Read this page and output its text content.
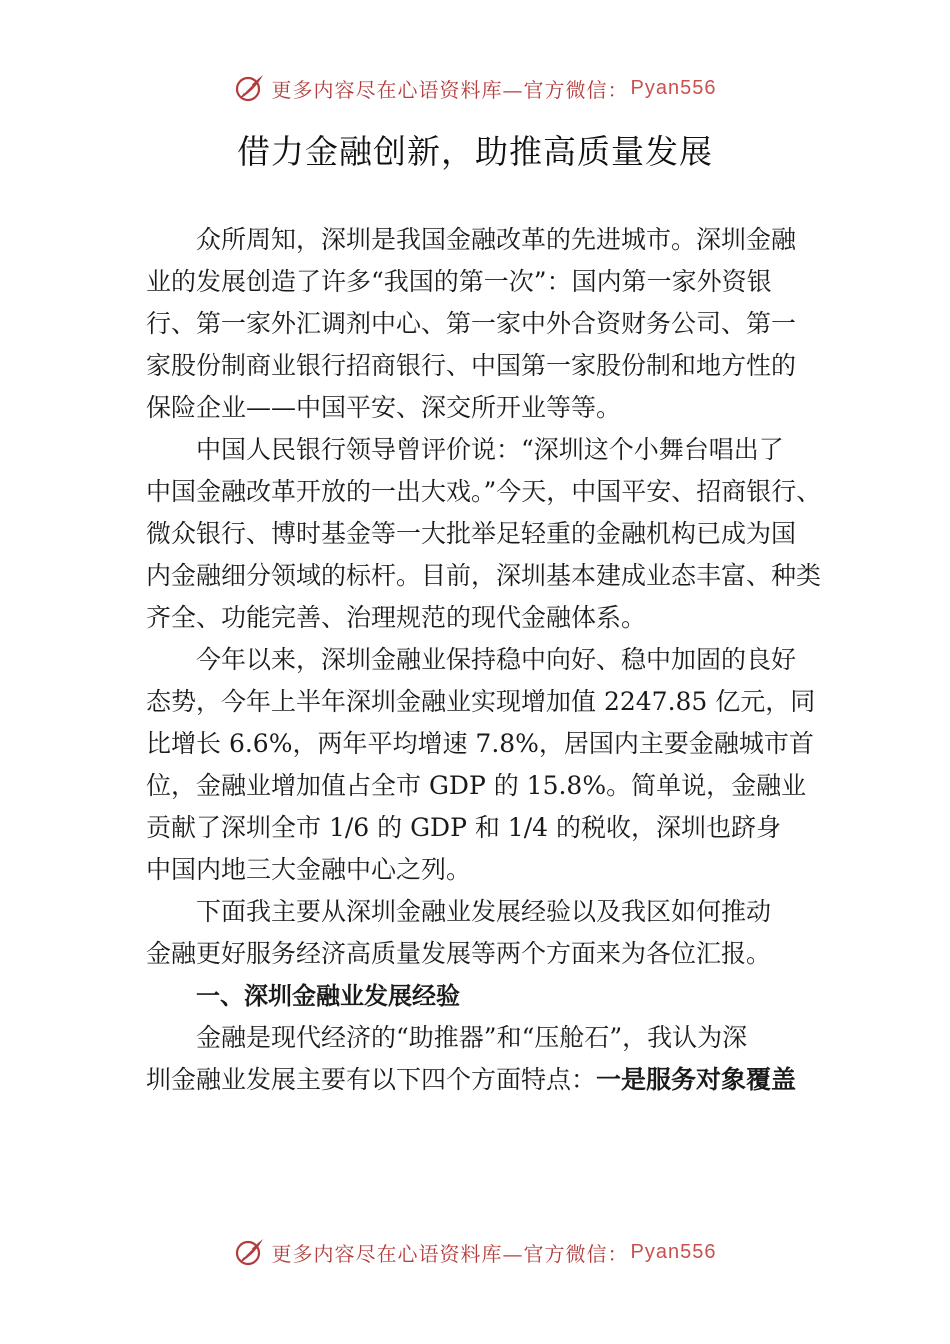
更多内容尽在心语资料库—官方微信： Pyan556
借力金融创新，助推高质量发展
众所周知，深圳是我国金融改革的先进城市。深圳金融
业的发展创造了许多“我国的第一次”：国内第一家外资银
行、第一家外汇调剂中心、第一家中外合资财务公司、第一
家股份制商业银行招商银行、中国第一家股份制和地方性的
保险企业——中国平安、深交所开业等等。
中国人民银行领导曾评价说：“深圳这个小舞台唱出了
中国金融改革开放的一出大戏。”今天，中国平安、招商银行、
微众银行、博时基金等一大批举足轻重的金融机构已成为国
内金融细分领域的标杆。目前，深圳基本建成业态丰富、种类
齐全、功能完善、治理规范的现代金融体系。
今年以来，深圳金融业保持稳中向好、稳中加固的良好
态势，今年上半年深圳金融业实现增加值 2247.85 亿元，同
比增长 6.6%，两年平均增速 7.8%，居国内主要金融城市首
位，金融业增加值占全市 GDP 的 15.8%。简单说，金融业
贡献了深圳全市 1/6 的 GDP 和 1/4 的税收，深圳也跻身
中国内地三大金融中心之列。
下面我主要从深圳金融业发展经验以及我区如何推动
金融更好服务经济高质量发展等两个方面来为各位汇报。
一、深圳金融业发展经验
金融是现代经济的“助推器”和“压舱石”，我认为深
圳金融业发展主要有以下四个方面特点：一是服务对象覆盖
更多内容尽在心语资料库—官方微信： Pyan556
